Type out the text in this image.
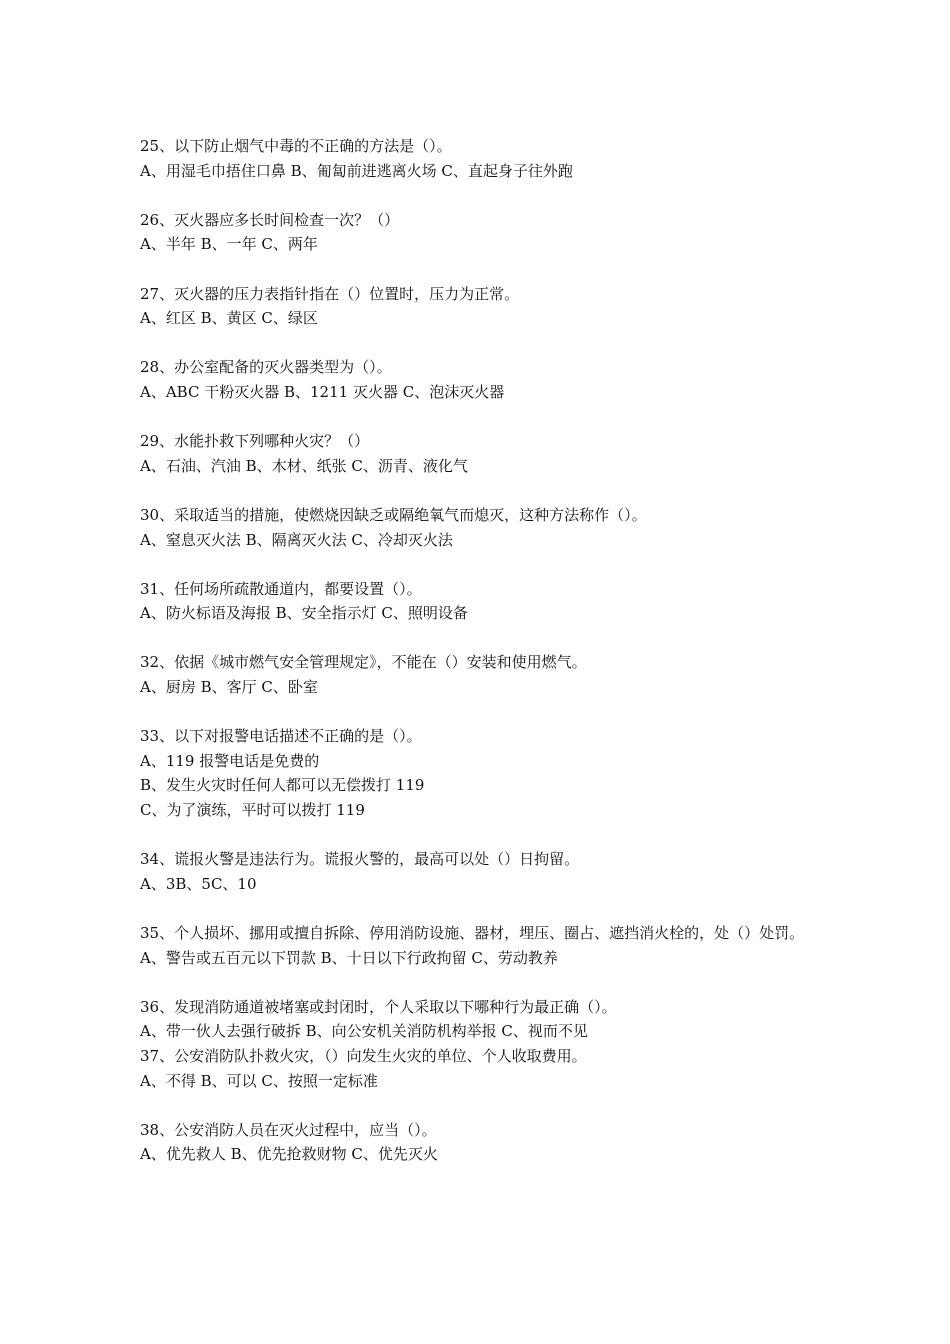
25、以下防止烟气中毒的不正确的方法是（）。
A、用湿毛巾捂住口鼻 B、匍匐前进逃离火场 C、直起身子往外跑
26、灭火器应多长时间检查一次？（）
A、半年 B、一年 C、两年
27、灭火器的压力表指针指在（）位置时，压力为正常。
A、红区 B、黄区 C、绿区
28、办公室配备的灭火器类型为（）。
A、ABC 干粉灭火器 B、1211 灭火器 C、泡沫灭火器
29、水能扑救下列哪种火灾？（）
A、石油、汽油 B、木材、纸张 C、沥青、液化气
30、采取适当的措施，使燃烧因缺乏或隔绝氧气而熄灭，这种方法称作（）。
A、窒息灭火法 B、隔离灭火法 C、冷却灭火法
31、任何场所疏散通道内，都要设置（）。
A、防火标语及海报 B、安全指示灯 C、照明设备
32、依据《城市燃气安全管理规定》，不能在（）安装和使用燃气。
A、厨房 B、客厅 C、卧室
33、以下对报警电话描述不正确的是（）。
A、119 报警电话是免费的
B、发生火灾时任何人都可以无偿拨打 119
C、为了演练，平时可以拨打 119
34、谎报火警是违法行为。谎报火警的，最高可以处（）日拘留。
A、3B、5C、10
35、个人损坏、挪用或擅自拆除、停用消防设施、器材，埋压、圈占、遮挡消火栓的，处（）处罚。
A、警告或五百元以下罚款 B、十日以下行政拘留 C、劳动教养
36、发现消防通道被堵塞或封闭时，个人采取以下哪种行为最正确（）。
A、带一伙人去强行破拆 B、向公安机关消防机构举报 C、视而不见
37、公安消防队扑救火灾，（）向发生火灾的单位、个人收取费用。
A、不得 B、可以 C、按照一定标准
38、公安消防人员在灭火过程中，应当（）。
A、优先救人 B、优先抢救财物 C、优先灭火
